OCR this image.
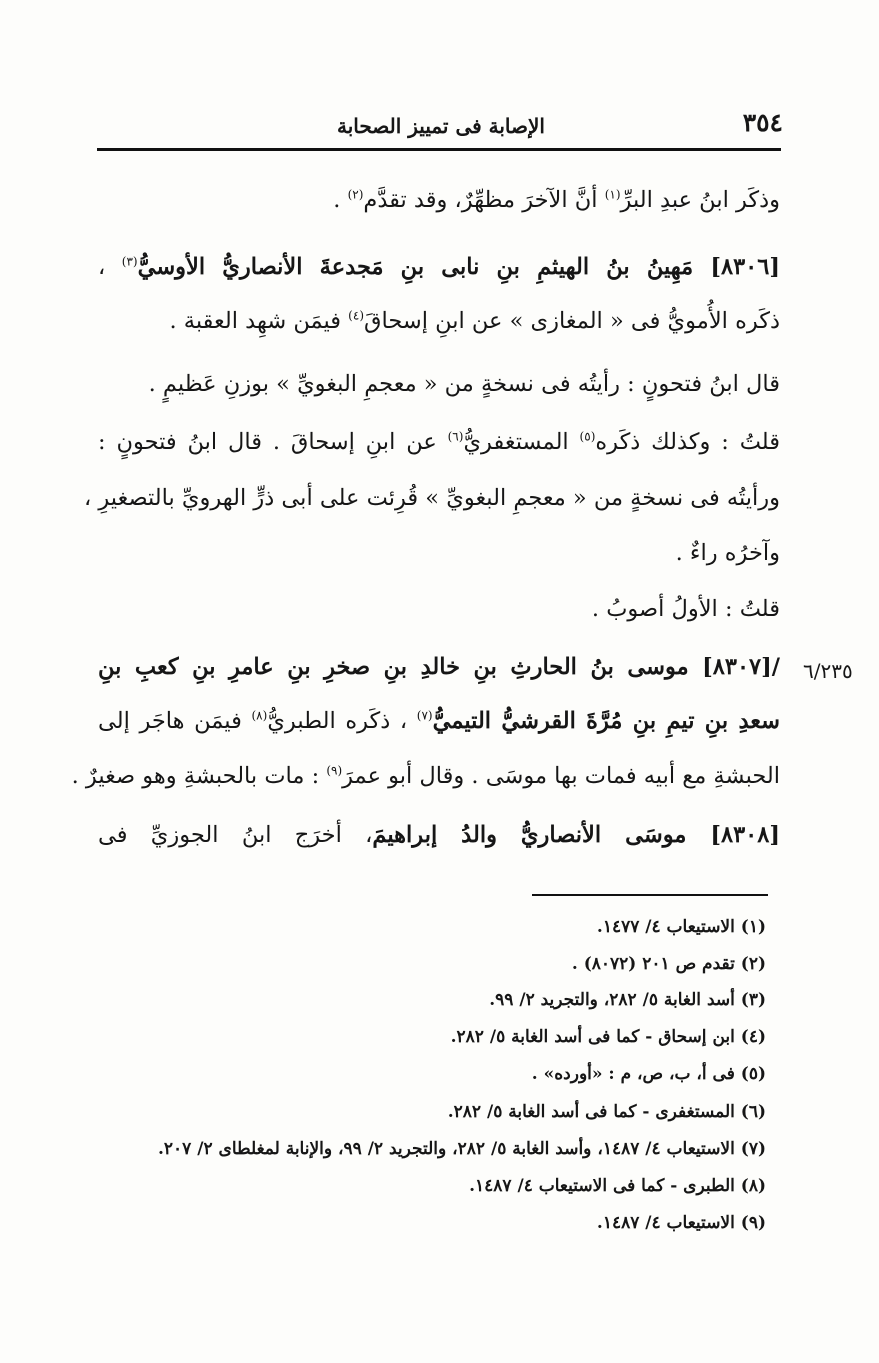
٣٥٤
الإصابة فى تمييز الصحابة
وذكَر ابنُ عبدِ البرِّ$^{(١)}$ أنَّ الآخرَ مظهِّرٌ، وقد تقدَّم$^{(٢)}$ .
[٨٣٠٦] مَهِينُ بنُ الهيثمِ بنِ نابى بنِ مَجدعةَ الأنصاريُّ الأوسيُّ$^{(٣)}$ ،
ذكَره الأُمويُّ فى « المغازى » عن ابنِ إسحاقَ$^{(٤)}$ فيمَن شهِد العقبة .
قال ابنُ فتحونٍ : رأيتُه فى نسخةٍ من « معجمِ البغويِّ » بوزنِ عَظيمٍ .
قلتُ : وكذلك ذكَره$^{(٥)}$ المستغفريُّ$^{(٦)}$ عن ابنِ إسحاقَ . قال ابنُ فتحونٍ :
ورأيتُه فى نسخةٍ من « معجمِ البغويِّ » قُرِئت على أبى ذرٍّ الهرويِّ بالتصغيرِ ،
وآخرُه راءٌ .
قلتُ : الأولُ أصوبُ .
٦/٢٣٥
/[٨٣٠٧] موسى بنُ الحارثِ بنِ خالدِ بنِ صخرِ بنِ عامرِ بنِ كعبِ بنِ
سعدِ بنِ تيمِ بنِ مُرَّةَ القرشيُّ التيميُّ$^{(٧)}$ ، ذكَره الطبريُّ$^{(٨)}$ فيمَن هاجَر إلى
الحبشةِ مع أبيه فمات بها موسَى . وقال أبو عمرَ$^{(٩)}$ : مات بالحبشةِ وهو صغيرٌ .
[٨٣٠٨] موسَى الأنصاريُّ والدُ إبراهيمَ، أخرَج ابنُ الجوزيِّ فى
(١) الاستيعاب ٤/ ١٤٧٧.
(٢) تقدم ص ٢٠١ (٨٠٧٢) .
(٣) أسد الغابة ٥/ ٢٨٢، والتجريد ٢/ ٩٩.
(٤) ابن إسحاق - كما فى أسد الغابة ٥/ ٢٨٢.
(٥) فى أ، ب، ص، م : «أورده» .
(٦) المستغفرى - كما فى أسد الغابة ٥/ ٢٨٢.
(٧) الاستيعاب ٤/ ١٤٨٧، وأسد الغابة ٥/ ٢٨٢، والتجريد ٢/ ٩٩، والإنابة لمغلطاى ٢/ ٢٠٧.
(٨) الطبرى - كما فى الاستيعاب ٤/ ١٤٨٧.
(٩) الاستيعاب ٤/ ١٤٨٧.
